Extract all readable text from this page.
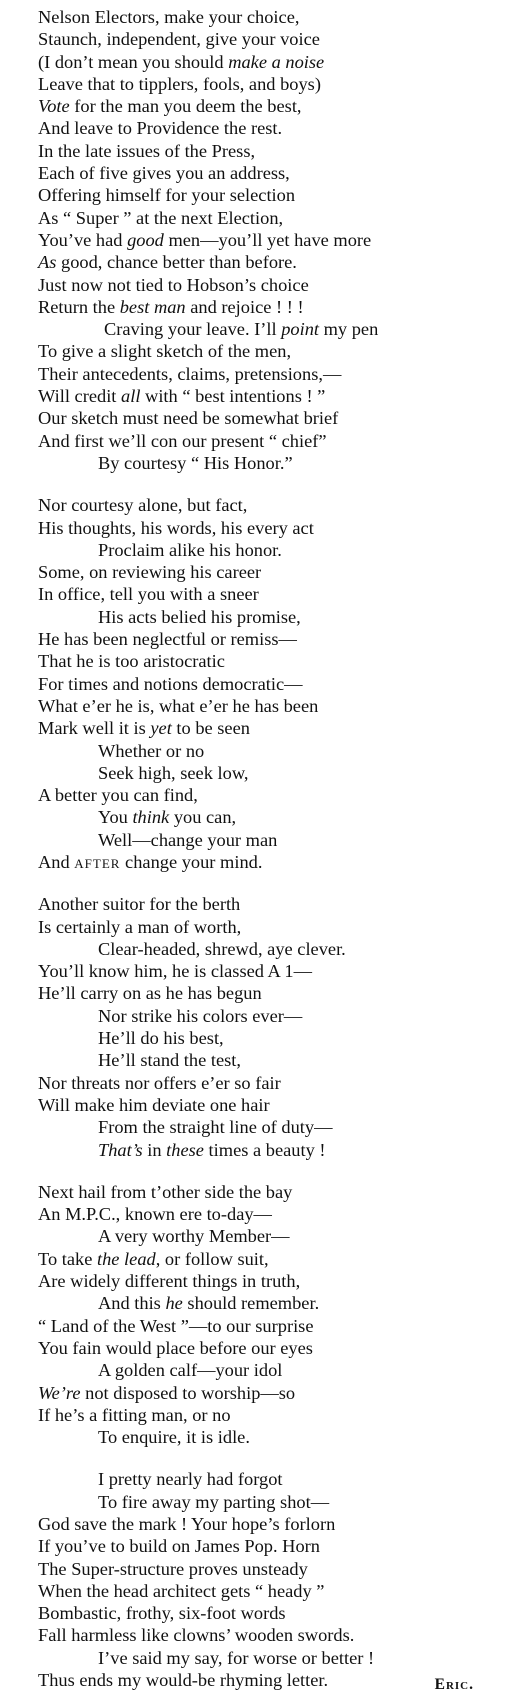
Nelson Electors, make your choice,
Staunch, independent, give your voice
(I don’t mean you should make a noise
Leave that to tipplers, fools, and boys)
Vote for the man you deem the best,
And leave to Providence the rest.
In the late issues of the Press,
Each of five gives you an address,
Offering himself for your selection
As “ Super ” at the next Election,
You’ve had good men—you’ll yet have more
As good, chance better than before.
Just now not tied to Hobson’s choice
Return the best man and rejoice ! ! !
Craving your leave. I’ll point my pen
To give a slight sketch of the men,
Their antecedents, claims, pretensions,—
Will credit all with “ best intentions ! ”
Our sketch must need be somewhat brief
And first we’ll con our present “ chief”
By courtesy “ His Honor.”
Nor courtesy alone, but fact,
His thoughts, his words, his every act
Proclaim alike his honor.
Some, on reviewing his career
In office, tell you with a sneer
His acts belied his promise,
He has been neglectful or remiss—
That he is too aristocratic
For times and notions democratic—
What e’er he is, what e’er he has been
Mark well it is yet to be seen
Whether or no
Seek high, seek low,
A better you can find,
You think you can,
Well—change your man
And after change your mind.
Another suitor for the berth
Is certainly a man of worth,
Clear-headed, shrewd, aye clever.
You’ll know him, he is classed A 1—
He’ll carry on as he has begun
Nor strike his colors ever—
He’ll do his best,
He’ll stand the test,
Nor threats nor offers e’er so fair
Will make him deviate one hair
From the straight line of duty—
That’s in these times a beauty !
Next hail from t’other side the bay
An M.P.C., known ere to-day—
A very worthy Member—
To take the lead, or follow suit,
Are widely different things in truth,
And this he should remember.
“ Land of the West ”—to our surprise
You fain would place before our eyes
A golden calf—your idol
We’re not disposed to worship—so
If he’s a fitting man, or no
To enquire, it is idle.
I pretty nearly had forgot
To fire away my parting shot—
God save the mark ! Your hope’s forlorn
If you’ve to build on James Pop. Horn
The Super-structure proves unsteady
When the head architect gets “ heady ”
Bombastic, frothy, six-foot words
Fall harmless like clowns’ wooden swords.
I’ve said my say, for worse or better !
Thus ends my would-be rhyming letter.	Eric.
